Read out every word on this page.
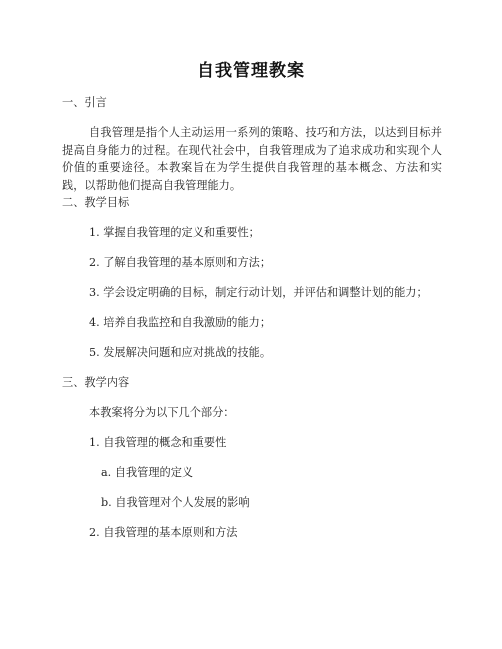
自我管理教案
一、引言

自我管理是指个人主动运用一系列的策略、技巧和方法，以达到目标并提高自身能力的过程。在现代社会中，自我管理成为了追求成功和实现个人价值的重要途径。本教案旨在为学生提供自我管理的基本概念、方法和实践，以帮助他们提高自我管理能力。

二、教学目标
1. 掌握自我管理的定义和重要性；
2. 了解自我管理的基本原则和方法；
3. 学会设定明确的目标，制定行动计划，并评估和调整计划的能力；
4. 培养自我监控和自我激励的能力；
5. 发展解决问题和应对挑战的技能。
三、教学内容
本教案将分为以下几个部分：
1. 自我管理的概念和重要性
a. 自我管理的定义
b. 自我管理对个人发展的影响
2. 自我管理的基本原则和方法
